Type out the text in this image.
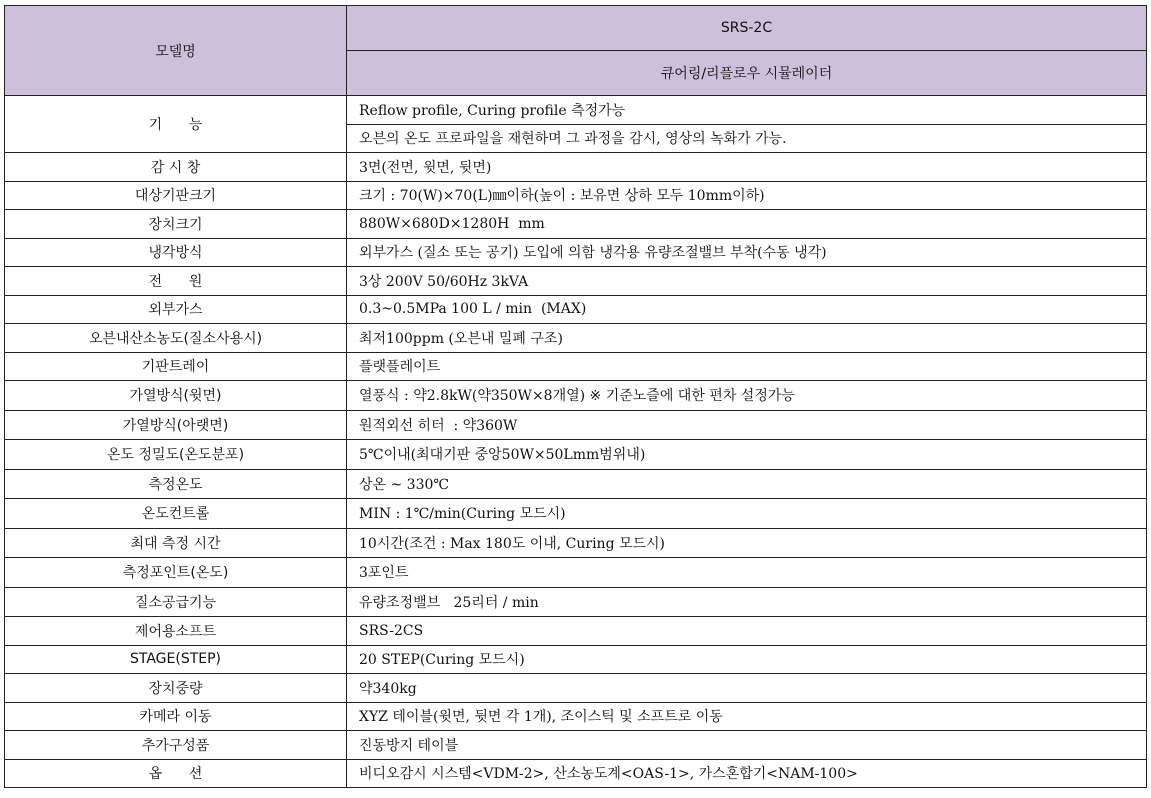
모델명	SRS-2C
	큐어링/리플로우 시뮬레이터
기      능	Reflow profile, Curing profile 측정가능
	오븐의 온도 프로파일을 재현하며 그 과정을 감시, 영상의 녹화가 가능.
감 시 창	3면(전면, 윗면, 뒷면)
대상기판크기	크기 : 70(W)×70(L)㎜이하(높이 : 보유면 상하 모두 10mm이하)
장치크기	880W×680D×1280H  mm
냉각방식	외부가스 (질소 또는 공기) 도입에 의함 냉각용 유량조절밸브 부착(수동 냉각)
전      원	3상 200V 50/60Hz 3kVA
외부가스	0.3~0.5MPa 100 L / min  (MAX)
오븐내산소농도(질소사용시)	최저100ppm (오븐내 밀폐 구조)
기판트레이	플랫플레이트
가열방식(윗면)	열풍식 : 약2.8kW(약350W×8개열) ※ 기준노즐에 대한 편차 설정가능
가열방식(아랫면)	원적외선 히터  : 약360W
온도 정밀도(온도분포)	5℃이내(최대기판 중앙50W×50Lmm범위내)
측정온도	상온 ~ 330℃
온도컨트롤	MIN : 1℃/min(Curing 모드시)
최대 측정 시간	10시간(조건 : Max 180도 이내, Curing 모드시)
측정포인트(온도)	3포인트
질소공급기능	유량조정밸브   25리터 / min
제어용소프트	SRS-2CS
STAGE(STEP)	20 STEP(Curing 모드시)
장치중량	약340kg
카메라 이동	XYZ 테이블(윗면, 뒷면 각 1개), 조이스틱 및 소프트로 이동
추가구성품	진동방지 테이블
옵      션	비디오감시 시스템<VDM-2>, 산소농도계<OAS-1>, 가스혼합기<NAM-100>
